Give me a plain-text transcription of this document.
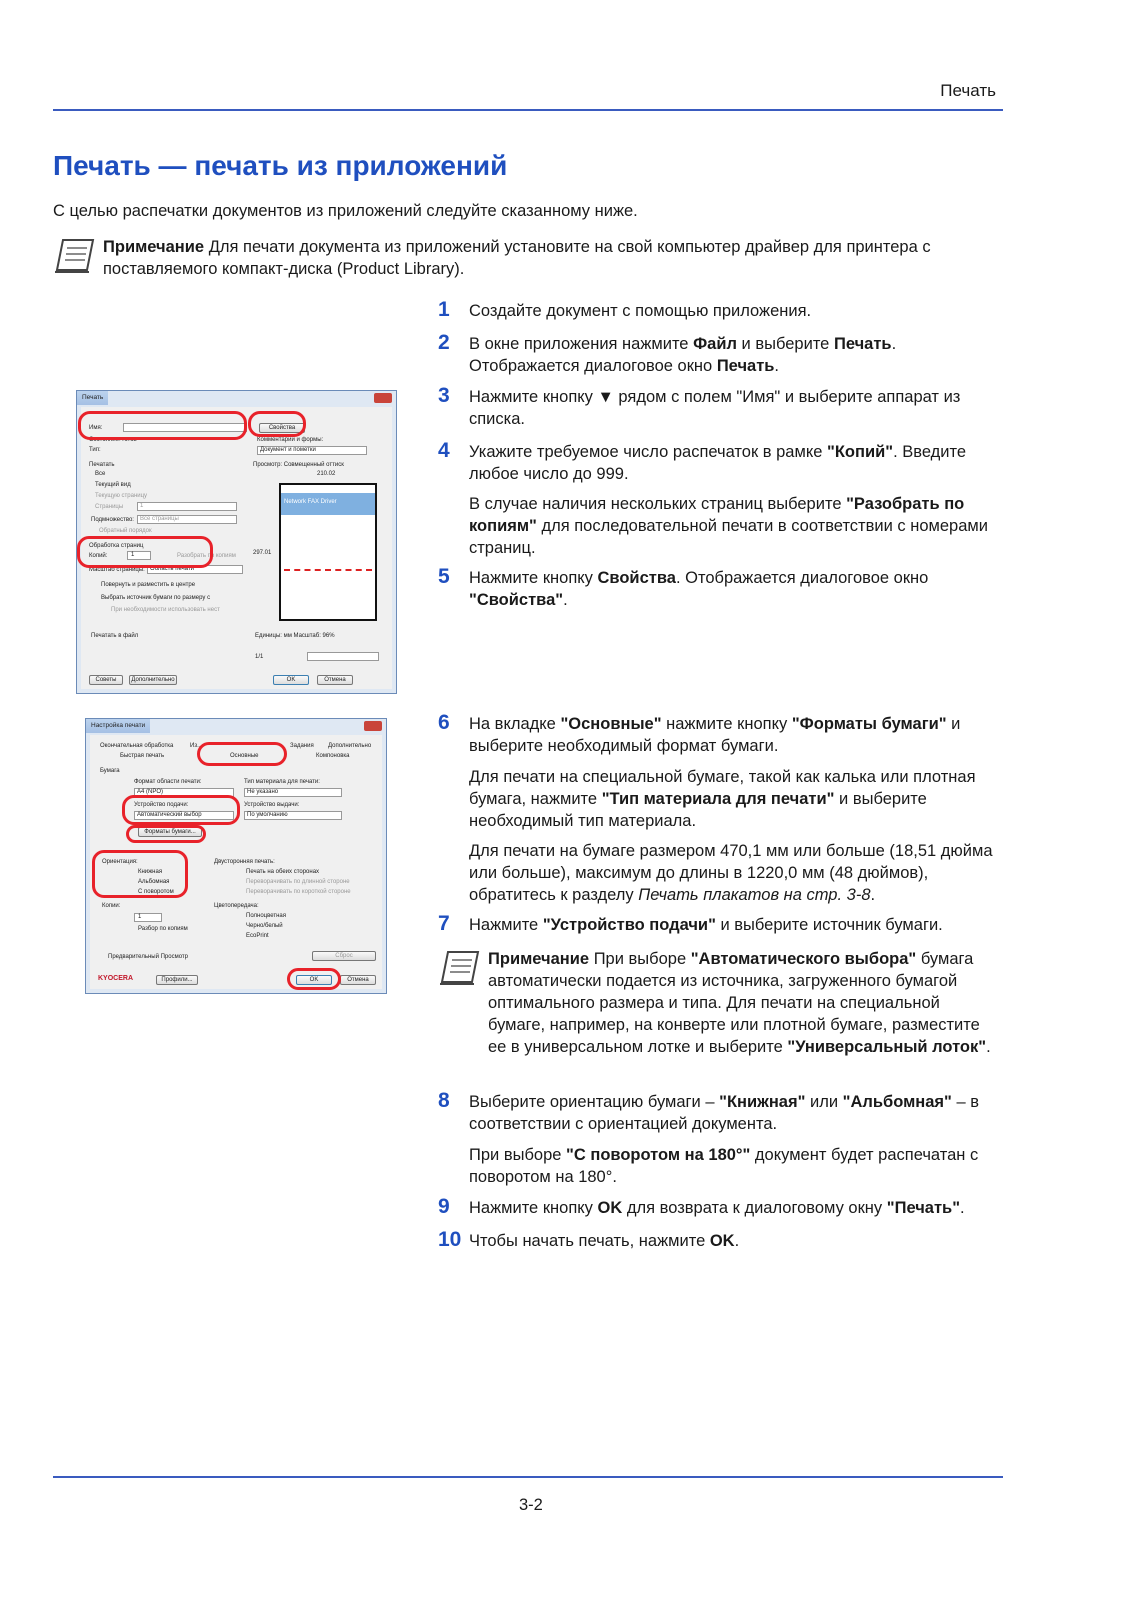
Печать
Печать — печать из приложений
С целью распечатки документов из приложений следуйте сказанному ниже.
Примечание Для печати документа из приложений установите на свой компьютер драйвер для принтера с поставляемого компакт-диска (Product Library).
1 Создайте документ с помощью приложения.
2 В окне приложения нажмите Файл и выберите Печать. Отображается диалоговое окно Печать.
3 Нажмите кнопку ▼ рядом с полем "Имя" и выберите аппарат из списка.
4 Укажите требуемое число распечаток в рамке "Копий". Введите любое число до 999.
В случае наличия нескольких страниц выберите "Разобрать по копиям" для последовательной печати в соответствии с номерами страниц.
5 Нажмите кнопку Свойства. Отображается диалоговое окно "Свойства".
6 На вкладке "Основные" нажмите кнопку "Форматы бумаги" и выберите необходимый формат бумаги.
Для печати на специальной бумаге, такой как калька или плотная бумага, нажмите "Тип материала для печати" и выберите необходимый тип материала.
Для печати на бумаге размером 470,1 мм или больше (18,51 дюйма или больше), максимум до длины в 1220,0 мм (48 дюймов), обратитесь к разделу Печать плакатов на стр. 3-8.
7 Нажмите "Устройство подачи" и выберите источник бумаги.
8 Выберите ориентацию бумаги – "Книжная" или "Альбомная" – в соответствии с ориентацией документа.
При выборе "С поворотом на 180°" документ будет распечатан с поворотом на 180°.
9 Нажмите кнопку OK для возврата к диалоговому окну "Печать".
10 Чтобы начать печать, нажмите OK.
Примечание При выборе "Автоматического выбора" бумага автоматически подается из источника, загруженного бумагой оптимального размера и типа. Для печати на специальной бумаге, например, на конверте или плотной бумаге, разместите ее в универсальном лотке и выберите "Универсальный лоток".
Печать
Имя:	Свойства
Состояние: готов
Тип:
Комментарии и формы:
Документ и пометки
Печатать
Все
Текущий вид
Текущую страницу
Страницы	1
Подмножество:	Все страницы
Обратный порядок
Обработка страниц
Копий:	1	Разобрать по копиям
Масштаб страницы: Область печати
Повернуть и разместить в центре
Выбрать источник бумаги по размеру с
При необходимости использовать нест
Печатать в файл
Просмотр: Совмещенный оттиск
210.02
297.01
Network FAX Driver
Единицы: мм Масштаб: 96%
1/1
Советы	Дополнительно	OK	Отмена
Настройка печати
Окончательная обработка	Из...	Задания Дополнительно
Быстрая печать	Основные	Компоновка
Бумага
Формат области печати:
A4 (NPO)
Тип материала для печати:
Не указано
Устройство подачи:
Автоматический выбор
Устройство выдачи:
По умолчанию
Форматы бумаги...
Ориентация:
Книжная
Альбомная
С поворотом
Двусторонняя печать:
Печать на обеих сторонах
Переворачивать по длинной стороне
Переворачивать по короткой стороне
Копии:
1
Разбор по копиям
Цветопередача:
Полноцветная
Черно/белый
EcoPrint
Предварительный Просмотр	Сброс
KYOCERA	Профили...	OK	Отмена
3-2
